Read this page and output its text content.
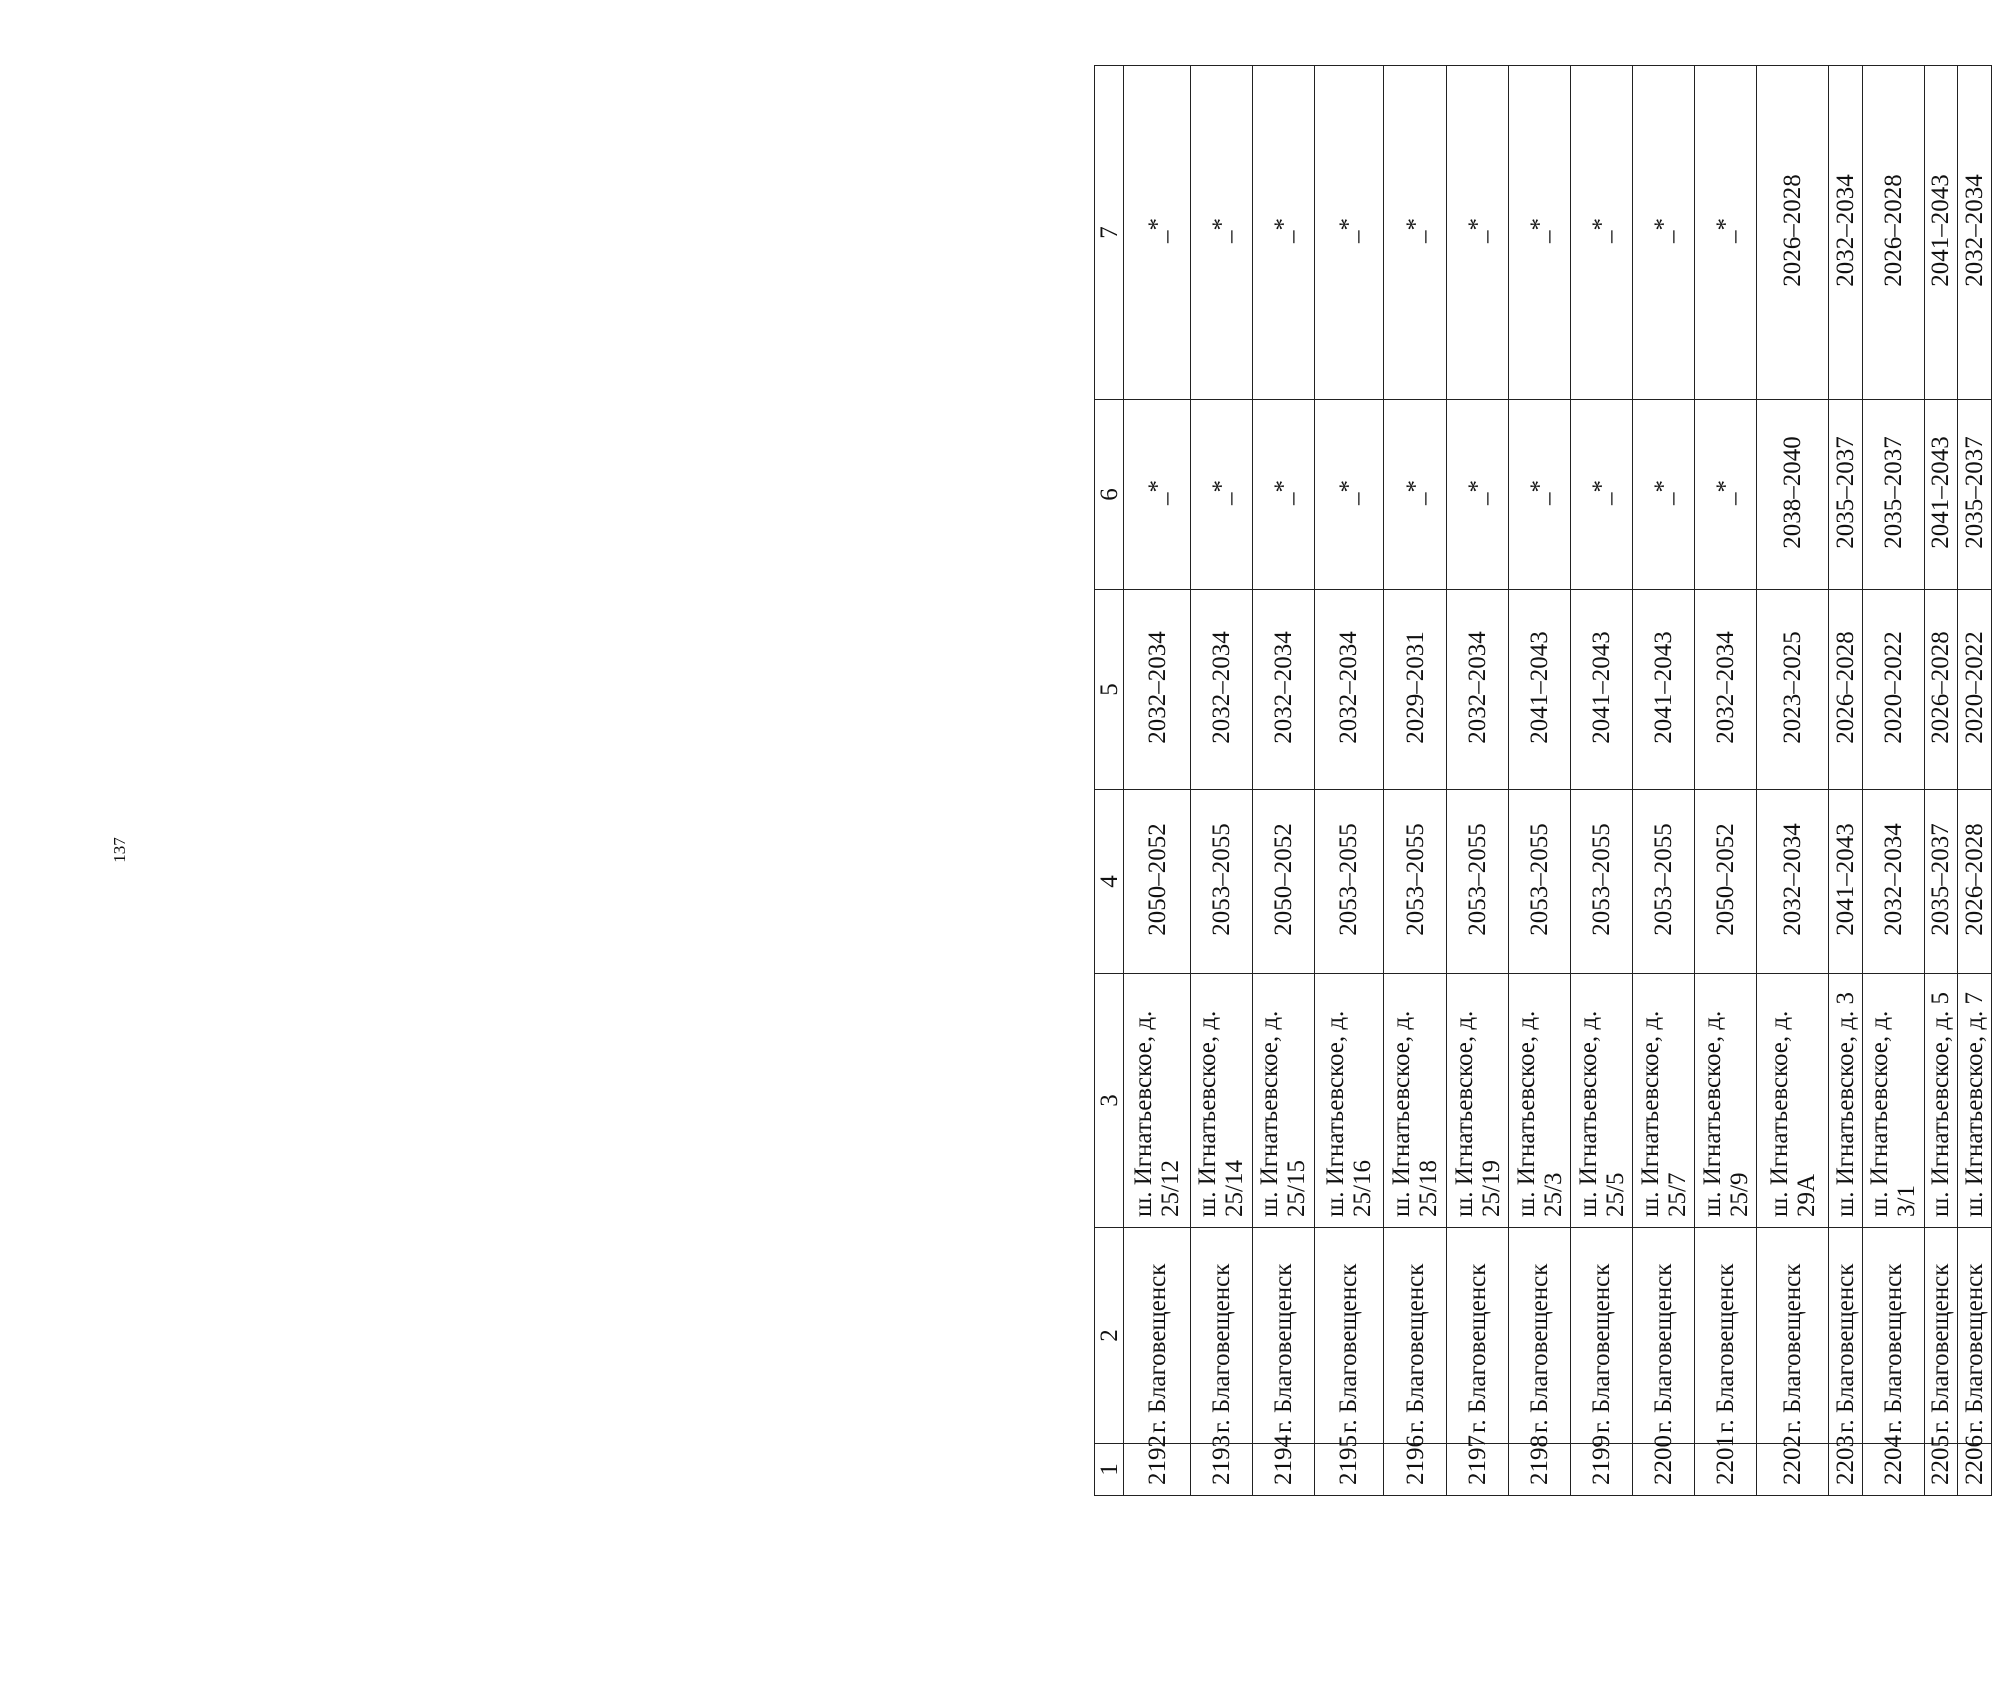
137
1	2	3	4	5	6	7
2192	г. Благовещенск	ш. Игнатьевское, д. 25/12	2050–2052	2032–2034	_*	_*
2193	г. Благовещенск	ш. Игнатьевское, д. 25/14	2053–2055	2032–2034	_*	_*
2194	г. Благовещенск	ш. Игнатьевское, д. 25/15	2050–2052	2032–2034	_*	_*
2195	г. Благовещенск	ш. Игнатьевское, д. 25/16	2053–2055	2032–2034	_*	_*
2196	г. Благовещенск	ш. Игнатьевское, д. 25/18	2053–2055	2029–2031	_*	_*
2197	г. Благовещенск	ш. Игнатьевское, д. 25/19	2053–2055	2032–2034	_*	_*
2198	г. Благовещенск	ш. Игнатьевское, д. 25/3	2053–2055	2041–2043	_*	_*
2199	г. Благовещенск	ш. Игнатьевское, д. 25/5	2053–2055	2041–2043	_*	_*
2200	г. Благовещенск	ш. Игнатьевское, д. 25/7	2053–2055	2041–2043	_*	_*
2201	г. Благовещенск	ш. Игнатьевское, д. 25/9	2050–2052	2032–2034	_*	_*
2202	г. Благовещенск	ш. Игнатьевское, д. 29А	2032–2034	2023–2025	2038–2040	2026–2028
2203	г. Благовещенск	ш. Игнатьевское, д. 3	2041–2043	2026–2028	2035–2037	2032–2034
2204	г. Благовещенск	ш. Игнатьевское, д. 3/1	2032–2034	2020–2022	2035–2037	2026–2028
2205	г. Благовещенск	ш. Игнатьевское, д. 5	2035–2037	2026–2028	2041–2043	2041–2043
2206	г. Благовещенск	ш. Игнатьевское, д. 7	2026–2028	2020–2022	2035–2037	2032–2034
